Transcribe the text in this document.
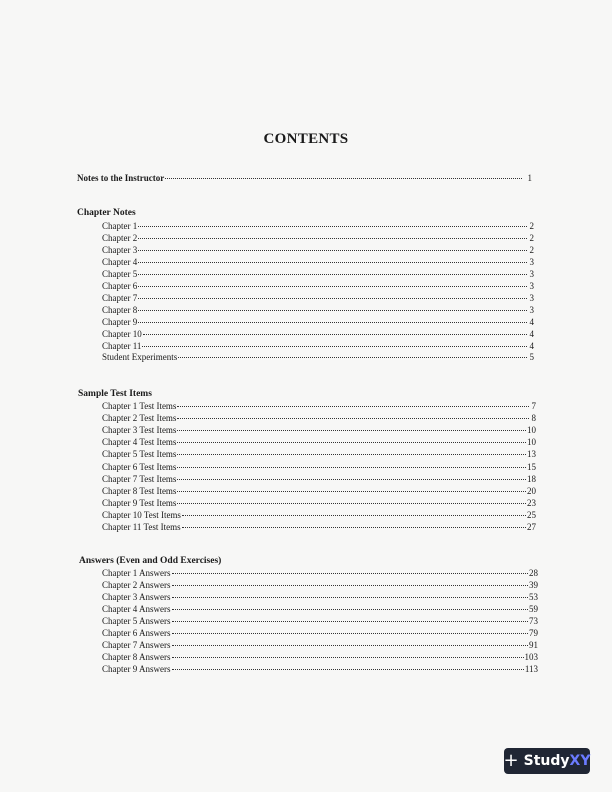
CONTENTS
Notes to the Instructor	1
Chapter Notes
Chapter 1	2
Chapter 2	2
Chapter 3	2
Chapter 4	3
Chapter 5	3
Chapter 6	3
Chapter 7	3
Chapter 8	3
Chapter 9	4
Chapter 10	4
Chapter 11	4
Student Experiments	5
Sample Test Items
Chapter 1 Test Items	7
Chapter 2 Test Items	8
Chapter 3 Test Items	10
Chapter 4 Test Items	10
Chapter 5 Test Items	13
Chapter 6 Test Items	15
Chapter 7 Test Items	18
Chapter 8 Test Items	20
Chapter 9 Test Items	23
Chapter 10 Test Items	25
Chapter 11 Test Items	27
Answers (Even and Odd Exercises)
Chapter 1 Answers	28
Chapter 2 Answers	39
Chapter 3 Answers	53
Chapter 4 Answers	59
Chapter 5 Answers	73
Chapter 6 Answers	79
Chapter 7 Answers	91
Chapter 8 Answers	103
Chapter 9 Answers	113
+ StudyXY
